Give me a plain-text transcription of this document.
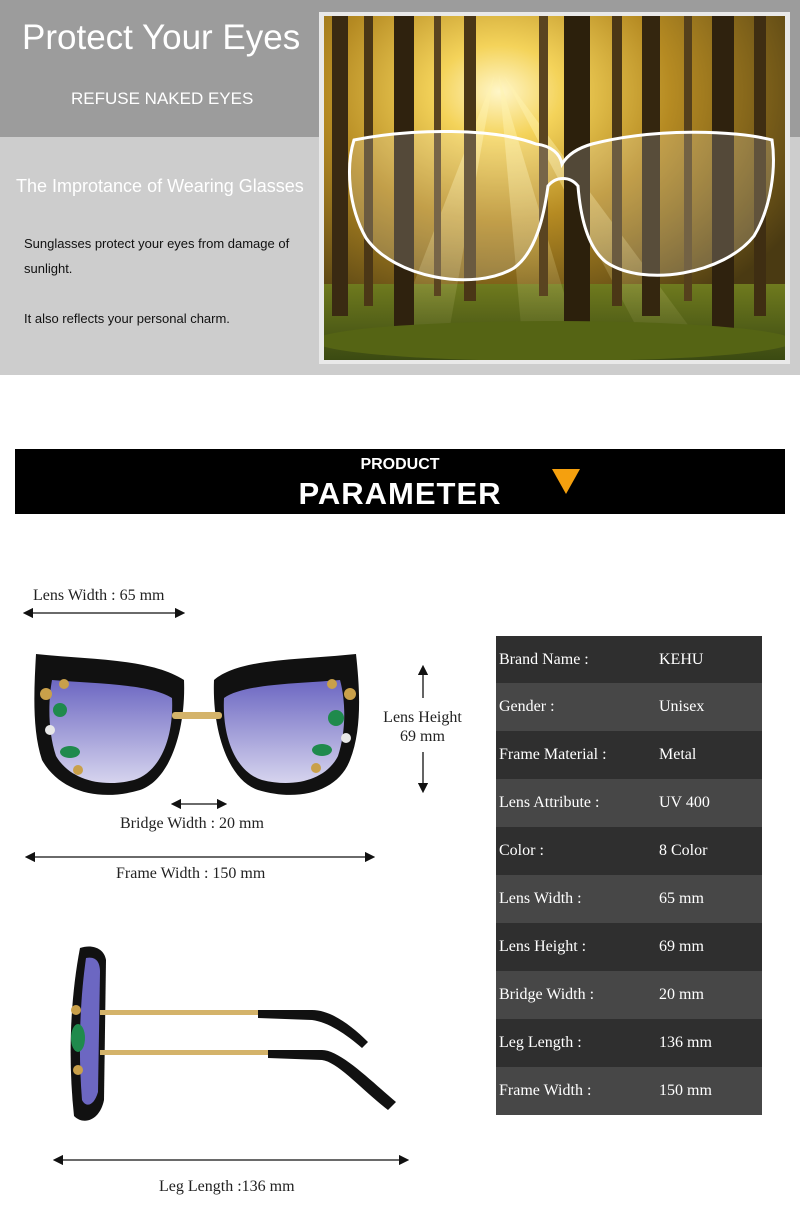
Protect Your Eyes
REFUSE NAKED EYES
The Improtance of Wearing Glasses
Sunglasses protect your eyes from damage of sunlight.
It also reflects your personal charm.
PRODUCT
PARAMETER
Lens Width : 65 mm
Lens Height
69 mm
Bridge Width : 20 mm
Frame Width : 150 mm
Leg Length :136 mm
Brand Name :	KEHU
Gender :	Unisex
Frame Material :	Metal
Lens Attribute :	UV 400
Color :	8 Color
Lens Width :	65 mm
Lens Height :	69 mm
Bridge Width :	20 mm
Leg Length :	136 mm
Frame Width :	150 mm
